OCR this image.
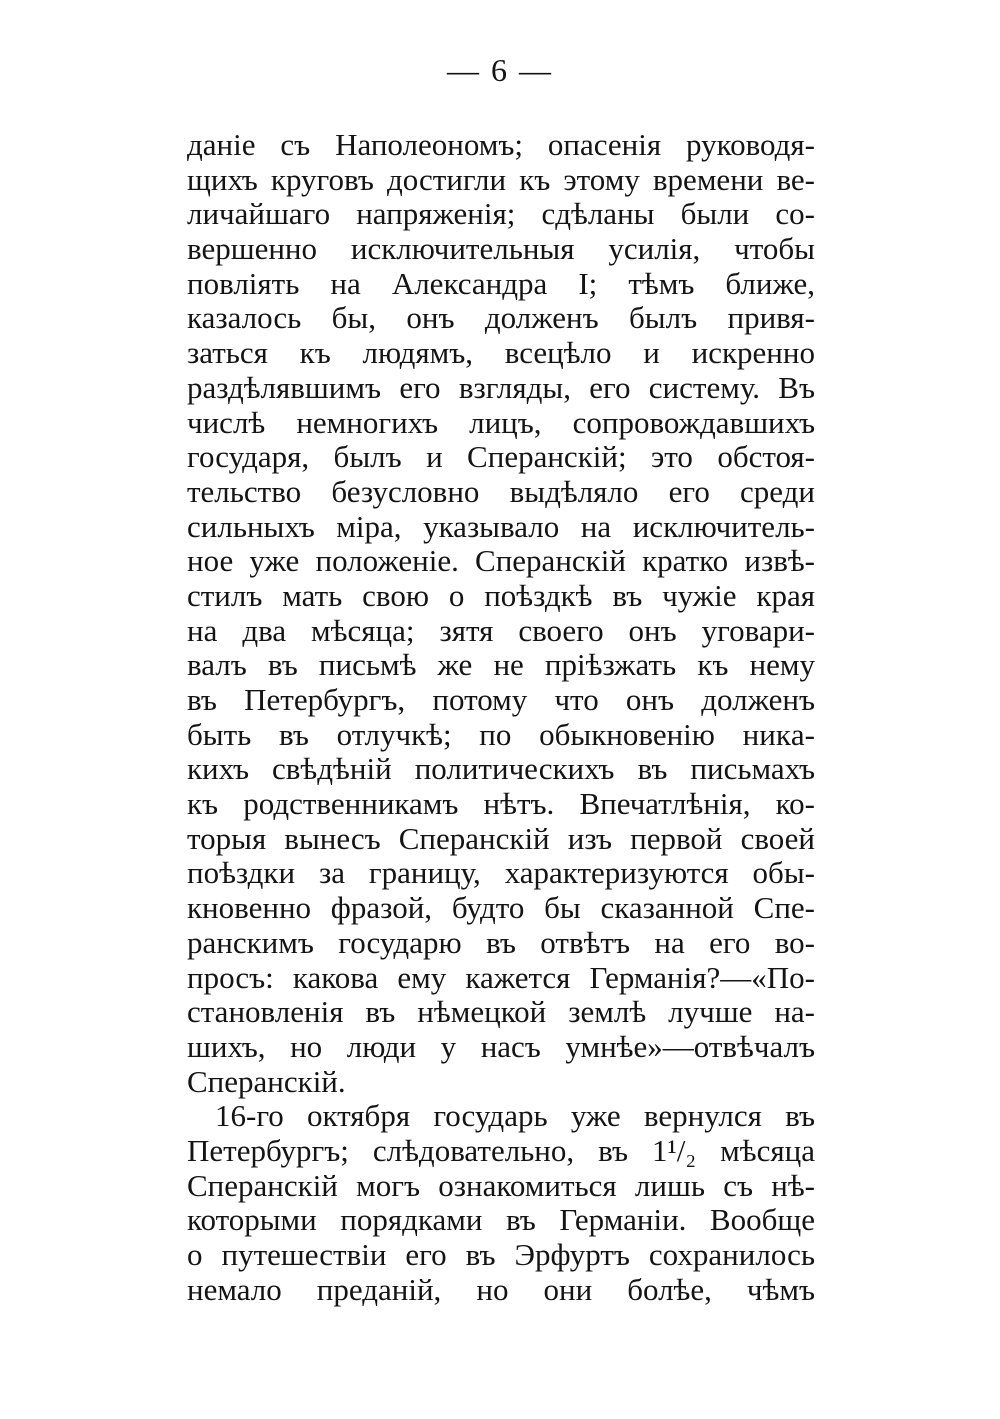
— 6 —
даніе съ Наполеономъ; опасенія руководя-
щихъ круговъ достигли къ этому времени ве-
личайшаго напряженія; сдѣланы были со-
вершенно исключительныя усилія, чтобы
повліять на Александра I; тѣмъ ближе,
казалось бы, онъ долженъ былъ привя-
заться къ людямъ, всецѣло и искренно
раздѣлявшимъ его взгляды, его систему. Въ
числѣ немногихъ лицъ, сопровождавшихъ
государя, былъ и Сперанскій; это обстоя-
тельство безусловно выдѣляло его среди
сильныхъ міра, указывало на исключитель-
ное уже положеніе. Сперанскій кратко извѣ-
стилъ мать свою о поѣздкѣ въ чужіе края
на два мѣсяца; зятя своего онъ уговари-
валъ въ письмѣ же не пріѣзжать къ нему
въ Петербургъ, потому что онъ долженъ
быть въ отлучкѣ; по обыкновенію никa-
кихъ свѣдѣній политическихъ въ письмахъ
къ родственникамъ нѣтъ. Впечатлѣнія, ко-
торыя вынесъ Сперанскій изъ первой своей
поѣздки за границу, характеризуются обы-
кновенно фразой, будто бы сказанной Спе-
ранскимъ государю въ отвѣтъ на его во-
просъ: какова ему кажется Германія?—«По-
становленія въ нѣмецкой землѣ лучше на-
шихъ, но люди у насъ умнѣе»—отвѣчалъ
Сперанскій.
16-го октября государь уже вернулся въ
Петербургъ; слѣдовательно, въ 1¹/₂ мѣсяца
Сперанскій могъ ознакомиться лишь съ нѣ-
которыми порядками въ Германіи. Вообще
о путешествіи его въ Эрфуртъ сохранилось
немало преданій, но они болѣе, чѣмъ
